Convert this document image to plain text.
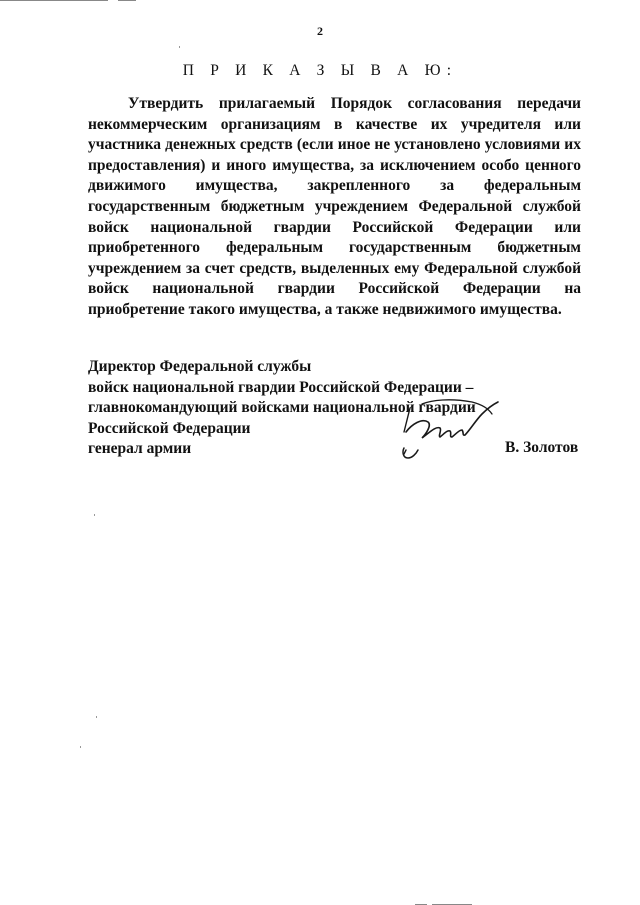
2
П Р И К А З Ы В А Ю:
Утвердить прилагаемый Порядок согласования передачи некоммерческим организациям в качестве их учредителя или участника денежных средств (если иное не установлено условиями их предоставления) и иного имущества, за исключением особо ценного движимого имущества, закрепленного за федеральным государственным бюджетным учреждением Федеральной службой войск национальной гвардии Российской Федерации или приобретенного федеральным государственным бюджетным учреждением за счет средств, выделенных ему Федеральной службой войск национальной гвардии Российской Федерации на приобретение такого имущества, а также недвижимого имущества.
Директор Федеральной службы
войск национальной гвардии Российской Федерации –
главнокомандующий войсками национальной гвардии
Российской Федерации
генерал армии	В. Золотов
